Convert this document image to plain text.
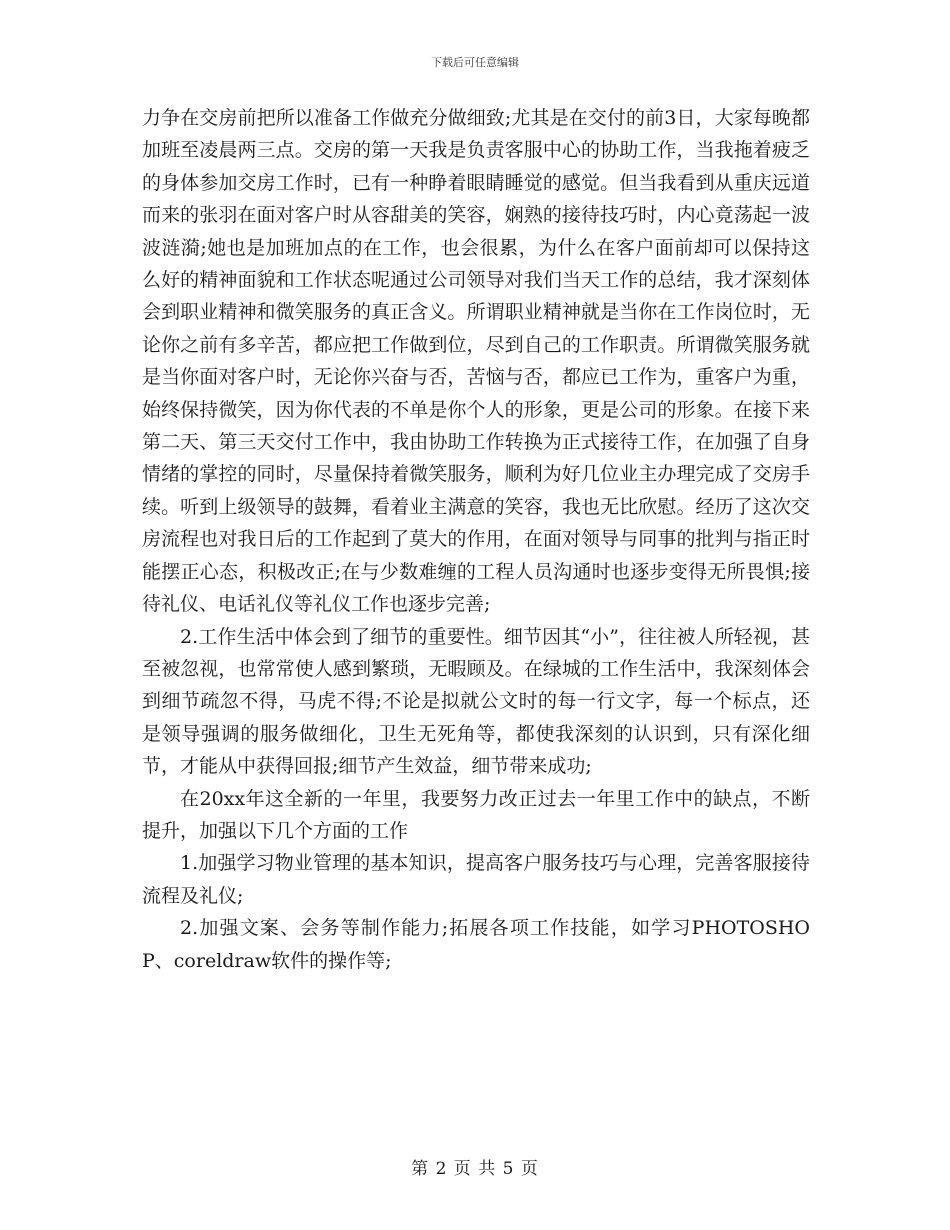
下载后可任意编辑

力争在交房前把所以准备工作做充分做细致;尤其是在交付的前3日，大家每晚都加班至凌晨两三点。交房的第一天我是负责客服中心的协助工作，当我拖着疲乏的身体参加交房工作时，已有一种睁着眼睛睡觉的感觉。但当我看到从重庆远道而来的张羽在面对客户时从容甜美的笑容，娴熟的接待技巧时，内心竟荡起一波波涟漪;她也是加班加点的在工作，也会很累，为什么在客户面前却可以保持这么好的精神面貌和工作状态呢通过公司领导对我们当天工作的总结，我才深刻体会到职业精神和微笑服务的真正含义。所谓职业精神就是当你在工作岗位时，无论你之前有多辛苦，都应把工作做到位，尽到自己的工作职责。所谓微笑服务就是当你面对客户时，无论你兴奋与否，苦恼与否，都应已工作为，重客户为重，始终保持微笑，因为你代表的不单是你个人的形象，更是公司的形象。在接下来第二天、第三天交付工作中，我由协助工作转换为正式接待工作，在加强了自身情绪的掌控的同时，尽量保持着微笑服务，顺利为好几位业主办理完成了交房手续。听到上级领导的鼓舞，看着业主满意的笑容，我也无比欣慰。经历了这次交房流程也对我日后的工作起到了莫大的作用，在面对领导与同事的批判与指正时能摆正心态，积极改正;在与少数难缠的工程人员沟通时也逐步变得无所畏惧;接待礼仪、电话礼仪等礼仪工作也逐步完善;

2.工作生活中体会到了细节的重要性。细节因其“小”，往往被人所轻视，甚至被忽视，也常常使人感到繁琐，无暇顾及。在绿城的工作生活中，我深刻体会到细节疏忽不得，马虎不得;不论是拟就公文时的每一行文字，每一个标点，还是领导强调的服务做细化，卫生无死角等，都使我深刻的认识到，只有深化细节，才能从中获得回报;细节产生效益，细节带来成功;

在20xx年这全新的一年里，我要努力改正过去一年里工作中的缺点，不断提升，加强以下几个方面的工作

1.加强学习物业管理的基本知识，提高客户服务技巧与心理，完善客服接待流程及礼仪;

2.加强文案、会务等制作能力;拓展各项工作技能，如学习PHOTOSHOP、coreldraw软件的操作等;

第 2 页 共 5 页
